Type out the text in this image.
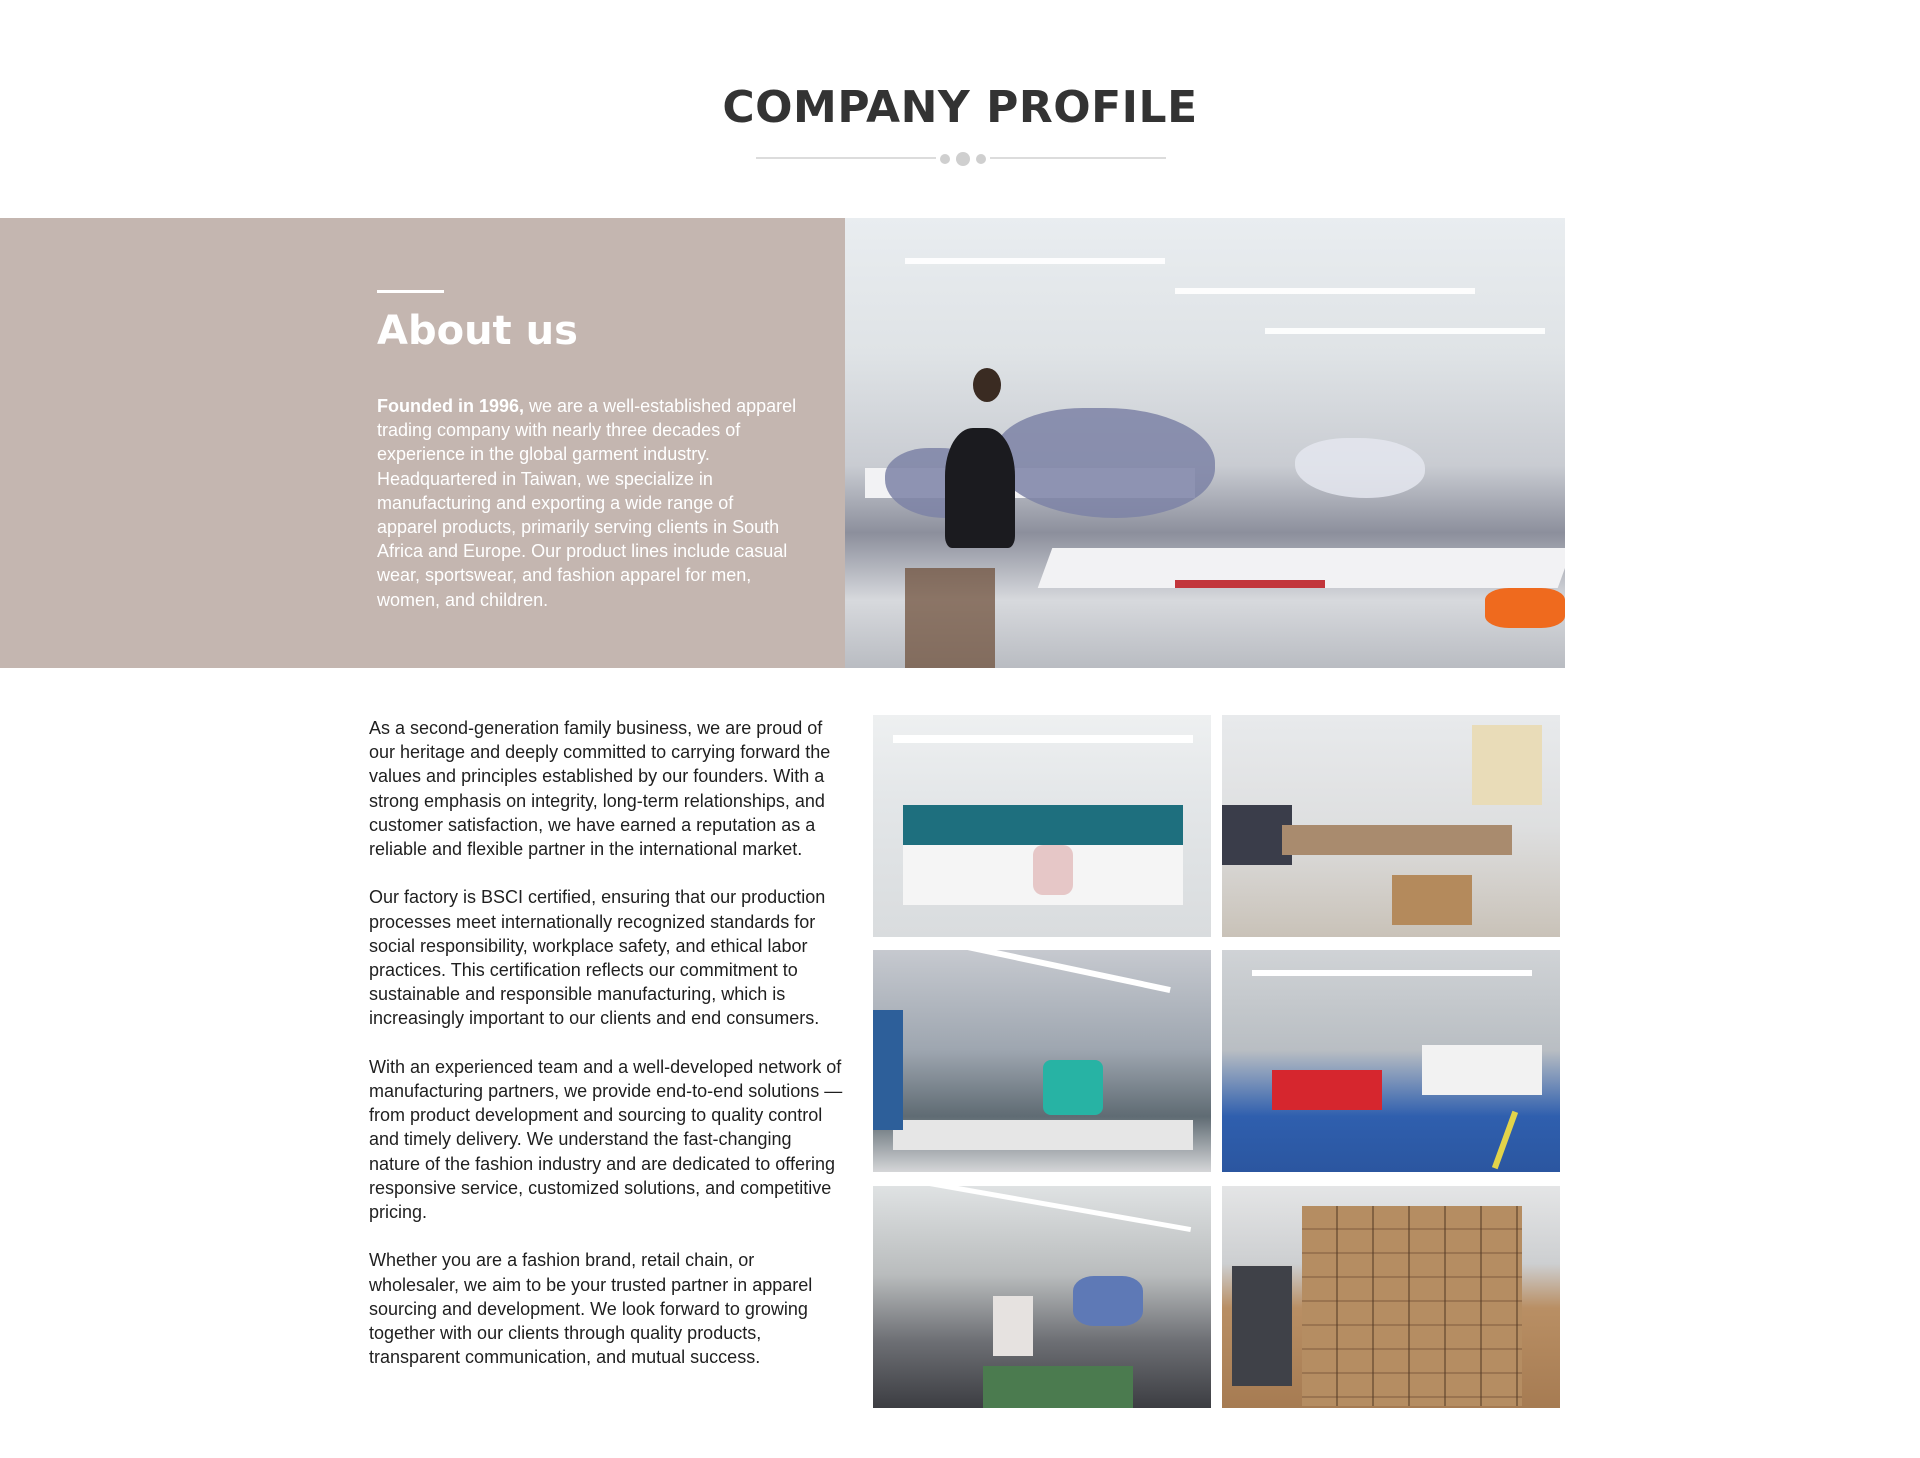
COMPANY PROFILE
About us

Founded in 1996, we are a well-established apparel trading company with nearly three decades of experience in the global garment industry. Headquartered in Taiwan, we specialize in manufacturing and exporting a wide range of apparel products, primarily serving clients in South Africa and Europe. Our product lines include casual wear, sportswear, and fashion apparel for men, women, and children.

As a second-generation family business, we are proud of our heritage and deeply committed to carrying forward the values and principles established by our founders. With a strong emphasis on integrity, long-term relationships, and customer satisfaction, we have earned a reputation as a reliable and flexible partner in the international market.

Our factory is BSCI certified, ensuring that our production processes meet internationally recognized standards for social responsibility, workplace safety, and ethical labor practices. This certification reflects our commitment to sustainable and responsible manufacturing, which is increasingly important to our clients and end consumers.

With an experienced team and a well-developed network of manufacturing partners, we provide end-to-end solutions — from product development and sourcing to quality control and timely delivery. We understand the fast-changing nature of the fashion industry and are dedicated to offering responsive service, customized solutions, and competitive pricing.

Whether you are a fashion brand, retail chain, or wholesaler, we aim to be your trusted partner in apparel sourcing and development. We look forward to growing together with our clients through quality products, transparent communication, and mutual success.
